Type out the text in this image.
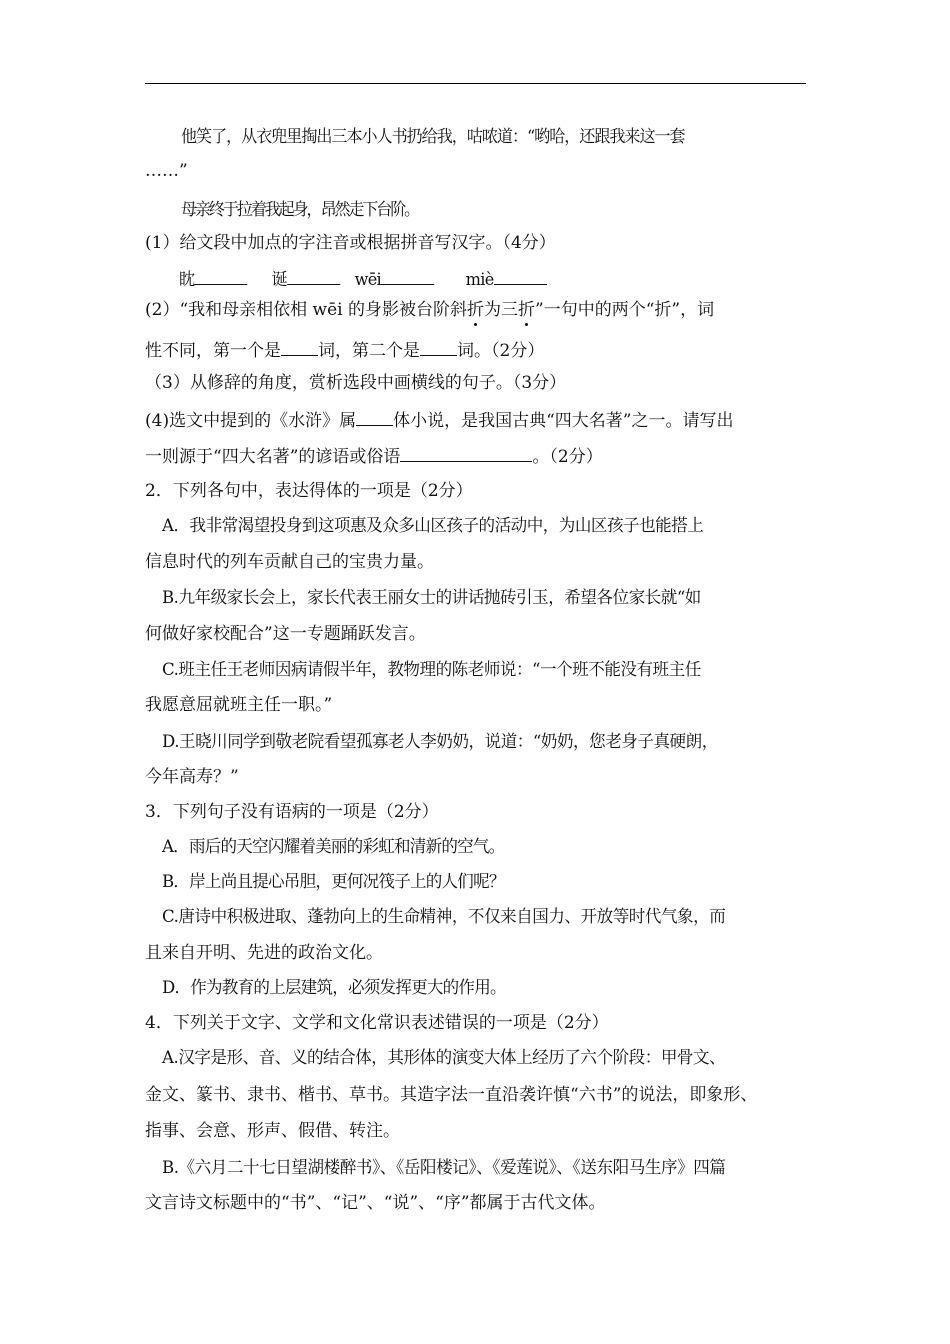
他笑了，从衣兜里掏出三本小人书扔给我，咕哝道：“哟哈，还跟我来这一套
……”
母亲终于拉着我起身，昂然走下台阶。
(1）给文段中加点的字注音或根据拼音写汉字。（4分）
眈	诞	wēi	miè
(2）“我和母亲相依相 wēi 的身影被台阶斜折为三折”一句中的两个“折”，词
性不同，第一个是 词，第二个是 词。（2分）
（3）从修辞的角度，赏析选段中画横线的句子。（3分）
(4)选文中提到的《水浒》属 体小说，是我国古典“四大名著”之一。请写出
一则源于“四大名著”的谚语或俗语	。（2分）
2．下列各句中，表达得体的一项是（2分）
A．我非常渴望投身到这项惠及众多山区孩子的活动中，为山区孩子也能搭上
信息时代的列车贡献自己的宝贵力量。
B.九年级家长会上，家长代表王丽女士的讲话抛砖引玉，希望各位家长就“如
何做好家校配合”这一专题踊跃发言。
C.班主任王老师因病请假半年，教物理的陈老师说：“一个班不能没有班主任
我愿意屈就班主任一职。”
D.王晓川同学到敬老院看望孤寡老人李奶奶，说道：“奶奶，您老身子真硬朗，
今年高寿？”
3．下列句子没有语病的一项是（2分）
A．雨后的天空闪耀着美丽的彩虹和清新的空气。
B．岸上尚且提心吊胆，更何况筏子上的人们呢？
C.唐诗中积极进取、蓬勃向上的生命精神，不仅来自国力、开放等时代气象，而
且来自开明、先进的政治文化。
D．作为教育的上层建筑，必须发挥更大的作用。
4．下列关于文字、文学和文化常识表述错误的一项是（2分）
A.汉字是形、音、义的结合体，其形体的演变大体上经历了六个阶段：甲骨文、
金文、篆书、隶书、楷书、草书。其造字法一直沿袭许慎“六书”的说法，即象形、
指事、会意、形声、假借、转注。
B.《六月二十七日望湖楼醉书》、《岳阳楼记》、《爱莲说》、《送东阳马生序》四篇
文言诗文标题中的“书”、“记”、“说”、“序”都属于古代文体。
